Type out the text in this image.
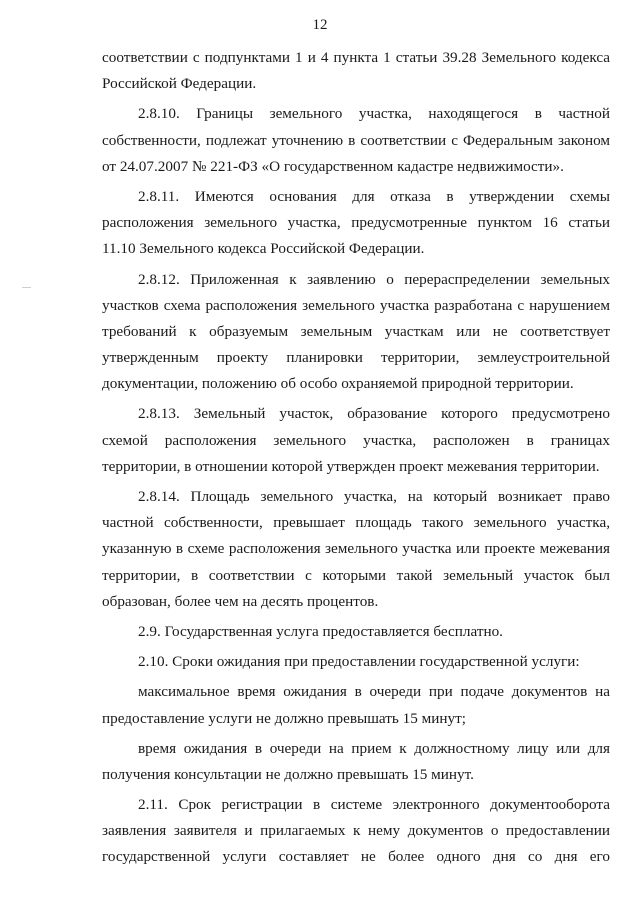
12
соответствии с подпунктами 1 и 4 пункта 1 статьи 39.28 Земельного кодекса
Российской Федерации.
2.8.10. Границы земельного участка, находящегося в частной
собственности, подлежат уточнению в соответствии с Федеральным законом
от 24.07.2007 № 221-ФЗ «О государственном кадастре недвижимости».
2.8.11. Имеются основания для отказа в утверждении схемы
расположения земельного участка, предусмотренные пунктом 16 статьи
11.10 Земельного кодекса Российской Федерации.
2.8.12. Приложенная к заявлению о перераспределении земельных
участков схема расположения земельного участка разработана с нарушением
требований к образуемым земельным участкам или не соответствует
утвержденным проекту планировки территории, землеустроительной
документации, положению об особо охраняемой природной территории.
2.8.13. Земельный участок, образование которого предусмотрено
схемой расположения земельного участка, расположен в границах
территории, в отношении которой утвержден проект межевания территории.
2.8.14. Площадь земельного участка, на который возникает право
частной собственности, превышает площадь такого земельного участка,
указанную в схеме расположения земельного участка или проекте межевания
территории, в соответствии с которыми такой земельный участок был
образован, более чем на десять процентов.
2.9. Государственная услуга предоставляется бесплатно.
2.10. Сроки ожидания при предоставлении государственной услуги:
максимальное время ожидания в очереди при подаче документов на
предоставление услуги не должно превышать 15 минут;
время ожидания в очереди на прием к должностному лицу или для
получения консультации не должно превышать 15 минут.
2.11. Срок регистрации в системе электронного документооборота
заявления заявителя и прилагаемых к нему документов о предоставлении
государственной услуги составляет не более одного дня со дня его
